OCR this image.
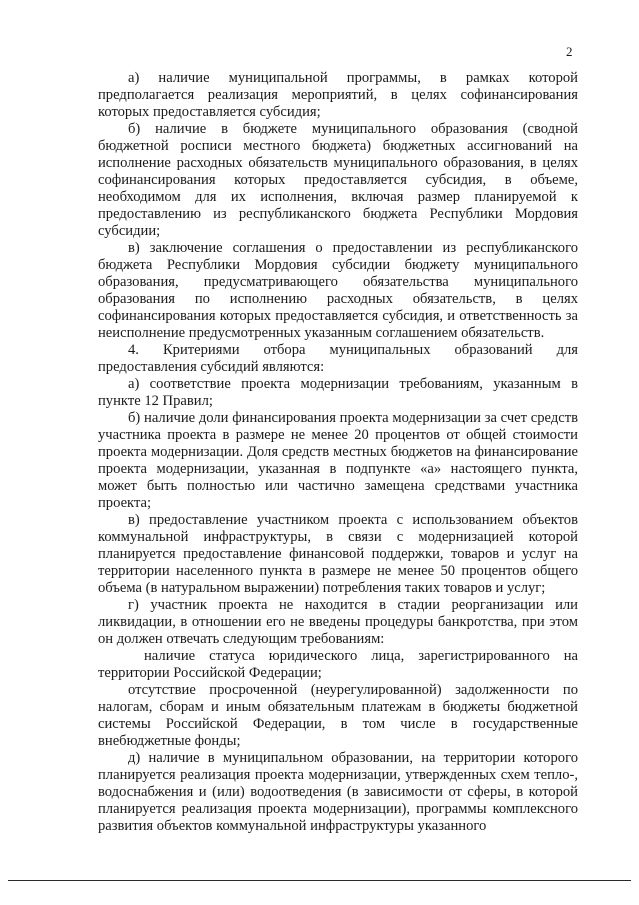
2

а) наличие муниципальной программы, в рамках которой предполагается реализация мероприятий, в целях софинансирования которых предоставляется субсидия;

б) наличие в бюджете муниципального образования (сводной бюджетной росписи местного бюджета) бюджетных ассигнований на исполнение расходных обязательств муниципального образования, в целях софинансирования которых предоставляется субсидия, в объеме, необходимом для их исполнения, включая размер планируемой к предоставлению из республиканского бюджета Республики Мордовия субсидии;

в) заключение соглашения о предоставлении из республиканского бюджета Республики Мордовия субсидии бюджету муниципального образования, предусматривающего обязательства муниципального образования по исполнению расходных обязательств, в целях софинансирования которых предоставляется субсидия, и ответственность за неисполнение предусмотренных указанным соглашением обязательств.

4. Критериями отбора муниципальных образований для предоставления субсидий являются:

а) соответствие проекта модернизации требованиям, указанным в пункте 12 Правил;

б) наличие доли финансирования проекта модернизации за счет средств участника проекта в размере не менее 20 процентов от общей стоимости проекта модернизации. Доля средств местных бюджетов на финансирование проекта модернизации, указанная в подпункте «а» настоящего пункта, может быть полностью или частично замещена средствами участника проекта;

в) предоставление участником проекта с использованием объектов коммунальной инфраструктуры, в связи с модернизацией которой планируется предоставление финансовой поддержки, товаров и услуг на территории населенного пункта в размере не менее 50 процентов общего объема (в натуральном выражении) потребления таких товаров и услуг;

г) участник проекта не находится в стадии реорганизации или ликвидации, в отношении его не введены процедуры банкротства, при этом он должен отвечать следующим требованиям:

наличие статуса юридического лица, зарегистрированного на территории Российской Федерации;

отсутствие просроченной (неурегулированной) задолженности по налогам, сборам и иным обязательным платежам в бюджеты бюджетной системы Российской Федерации, в том числе в государственные внебюджетные фонды;

д) наличие в муниципальном образовании, на территории которого планируется реализация проекта модернизации, утвержденных схем тепло-, водоснабжения и (или) водоотведения (в зависимости от сферы, в которой планируется реализация проекта модернизации), программы комплексного развития объектов коммунальной инфраструктуры указанного
